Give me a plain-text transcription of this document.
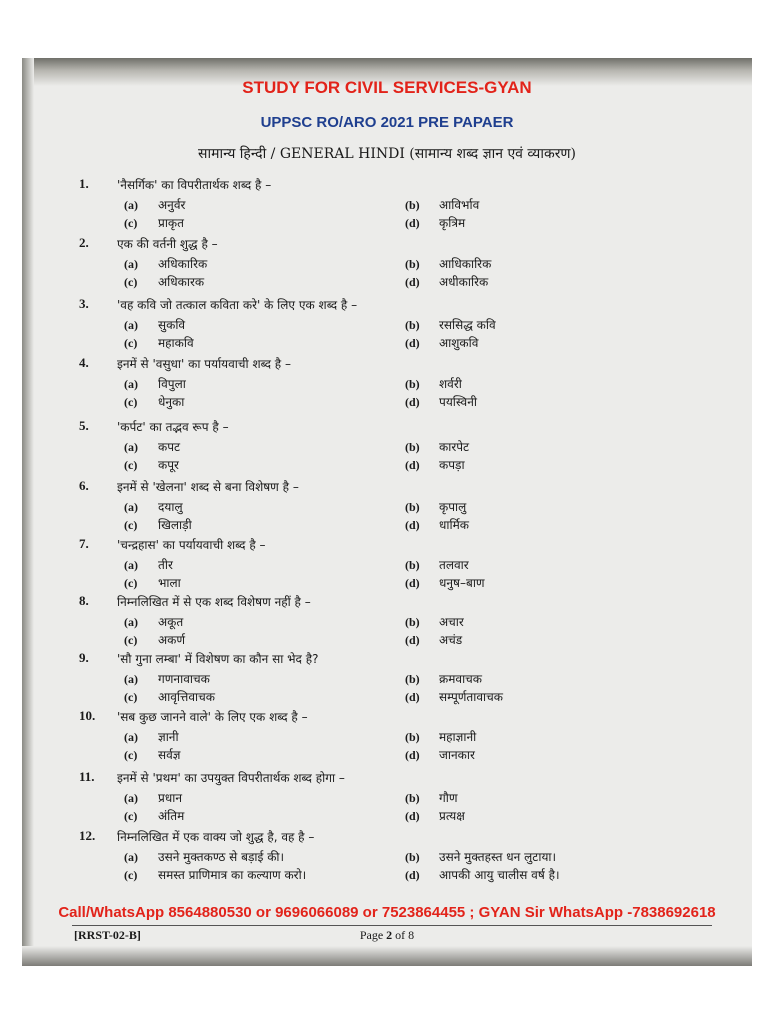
STUDY FOR CIVIL SERVICES-GYAN
UPPSC RO/ARO 2021 PRE PAPAER
सामान्य हिन्दी / GENERAL HINDI (सामान्य शब्द ज्ञान एवं व्याकरण)
1.	'नैसर्गिक' का विपरीतार्थक शब्द है –
(a) अनुर्वर	(b) आविर्भाव
(c) प्राकृत	(d) कृत्रिम
2.	एक की वर्तनी शुद्ध है –
(a) अधिकारिक	(b) आधिकारिक
(c) अधिकारक	(d) अधीकारिक
3.	'वह कवि जो तत्काल कविता करे' के लिए एक शब्द है –
(a) सुकवि	(b) रससिद्ध कवि
(c) महाकवि	(d) आशुकवि
4.	इनमें से 'वसुधा' का पर्यायवाची शब्द है –
(a) विपुला	(b) शर्वरी
(c) धेनुका	(d) पयस्विनी
5.	'कर्पट' का तद्भव रूप है –
(a) कपट	(b) कारपेट
(c) कपूर	(d) कपड़ा
6.	इनमें से 'खेलना' शब्द से बना विशेषण है –
(a) दयालु	(b) कृपालु
(c) खिलाड़ी	(d) धार्मिक
7.	'चन्द्रहास' का पर्यायवाची शब्द है –
(a) तीर	(b) तलवार
(c) भाला	(d) धनुष–बाण
8.	निम्नलिखित में से एक शब्द विशेषण नहीं है –
(a) अकूत	(b) अचार
(c) अकर्ण	(d) अचंड
9.	'सौ गुना लम्बा' में विशेषण का कौन सा भेद है?
(a) गणनावाचक	(b) क्रमवाचक
(c) आवृत्तिवाचक	(d) सम्पूर्णतावाचक
10.	'सब कुछ जानने वाले' के लिए एक शब्द है –
(a) ज्ञानी	(b) महाज्ञानी
(c) सर्वज्ञ	(d) जानकार
11.	इनमें से 'प्रथम' का उपयुक्त विपरीतार्थक शब्द होगा –
(a) प्रधान	(b) गौण
(c) अंतिम	(d) प्रत्यक्ष
12.	निम्नलिखित में एक वाक्य जो शुद्ध है, वह है –
(a) उसने मुक्तकण्ठ से बड़ाई की।	(b) उसने मुक्तहस्त धन लुटाया।
(c) समस्त प्राणिमात्र का कल्याण करो।	(d) आपकी आयु चालीस वर्ष है।
Call/WhatsApp 8564880530 or 9696066089 or 7523864455 ; GYAN Sir WhatsApp -7838692618
[RRST-02-B]	Page 2 of 8
